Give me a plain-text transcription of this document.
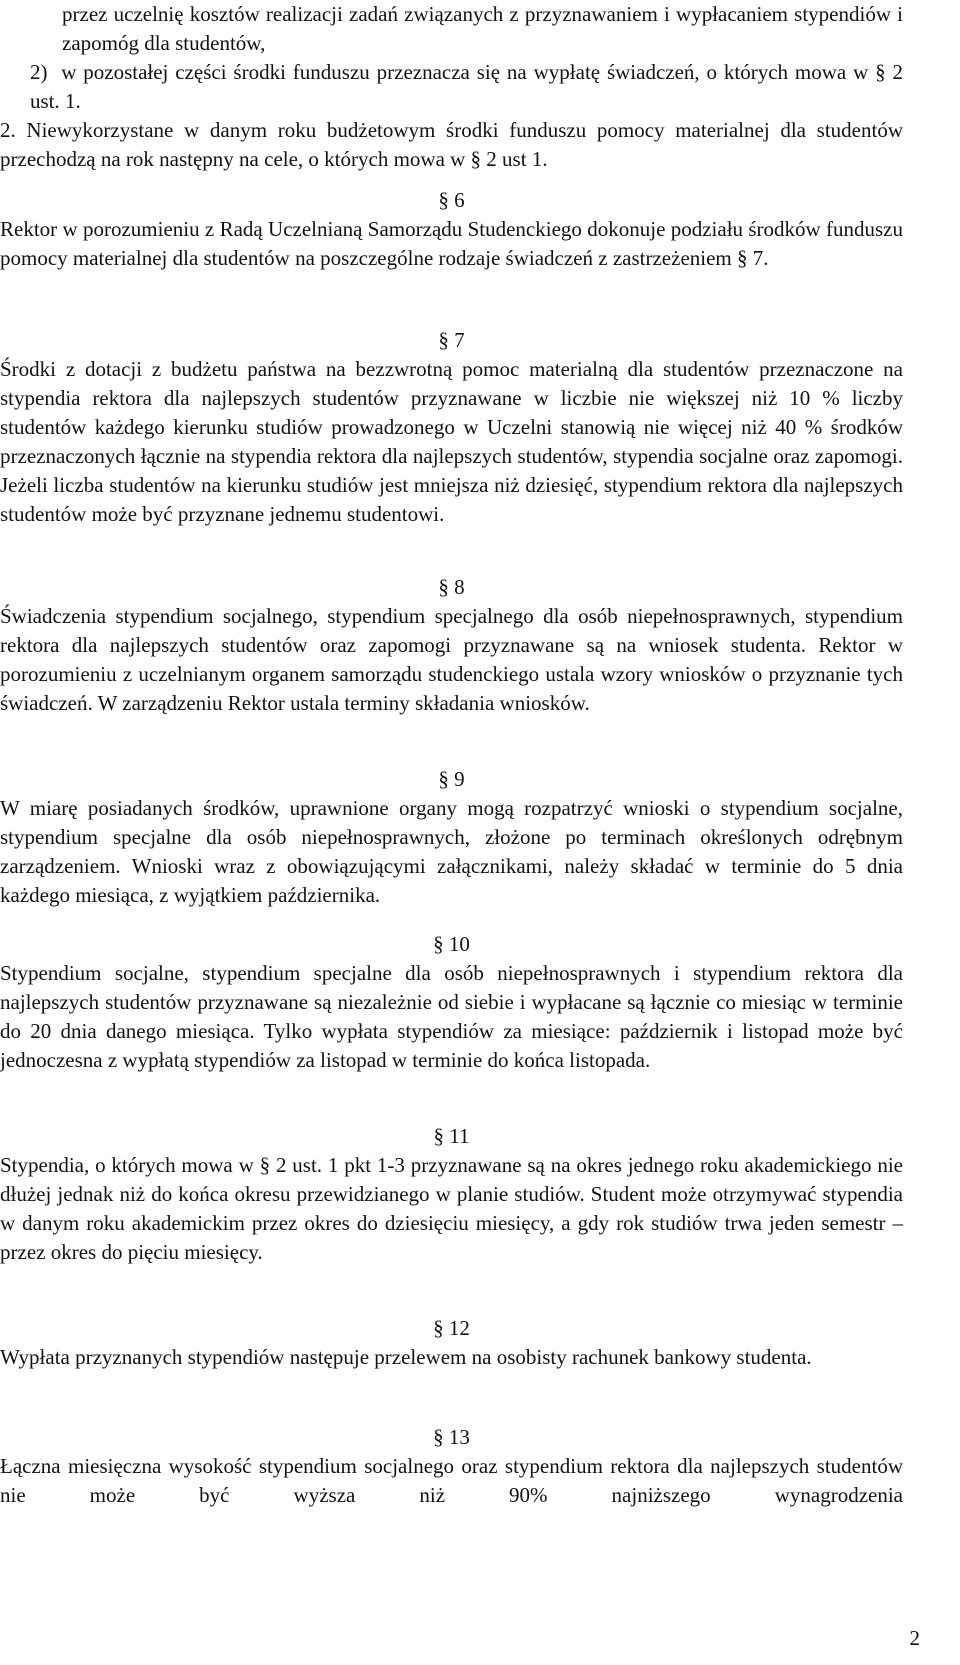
przez uczelnię kosztów realizacji zadań związanych z przyznawaniem i wypłacaniem stypendiów i zapomóg dla studentów,

2)  w pozostałej części środki funduszu przeznacza się na wypłatę świadczeń, o których mowa w § 2 ust. 1.

2. Niewykorzystane w danym roku budżetowym środki funduszu pomocy materialnej dla studentów przechodzą na rok następny na cele, o których mowa w § 2 ust 1.

§ 6

Rektor w porozumieniu z Radą Uczelnianą Samorządu Studenckiego dokonuje podziału środków funduszu pomocy materialnej dla studentów na poszczególne rodzaje świadczeń z zastrzeżeniem § 7.

§ 7

Środki z dotacji z budżetu państwa na bezzwrotną pomoc materialną dla studentów przeznaczone na stypendia rektora dla najlepszych studentów przyznawane w liczbie nie większej niż 10 % liczby studentów każdego kierunku studiów prowadzonego w Uczelni stanowią nie więcej niż 40 % środków przeznaczonych łącznie na stypendia rektora dla najlepszych studentów, stypendia socjalne oraz zapomogi. Jeżeli liczba studentów na kierunku studiów jest mniejsza niż dziesięć, stypendium rektora dla najlepszych studentów może być przyznane jednemu studentowi.

§ 8

Świadczenia stypendium socjalnego, stypendium specjalnego dla osób niepełnosprawnych, stypendium rektora dla najlepszych studentów oraz zapomogi przyznawane są na wniosek studenta. Rektor w porozumieniu z uczelnianym organem samorządu studenckiego ustala wzory wniosków o przyznanie tych świadczeń. W zarządzeniu Rektor ustala terminy składania wniosków.

§ 9

W miarę posiadanych środków, uprawnione organy mogą rozpatrzyć wnioski o stypendium socjalne, stypendium specjalne dla osób niepełnosprawnych, złożone po terminach określonych odrębnym zarządzeniem. Wnioski wraz z obowiązującymi załącznikami, należy składać w terminie do 5 dnia każdego miesiąca, z wyjątkiem października.

§ 10

Stypendium socjalne, stypendium specjalne dla osób niepełnosprawnych i stypendium rektora dla najlepszych studentów przyznawane są niezależnie od siebie i wypłacane są łącznie co miesiąc w terminie do 20 dnia danego miesiąca. Tylko wypłata stypendiów za miesiące: październik i listopad może być jednoczesna z wypłatą stypendiów za listopad w terminie do końca listopada.

§ 11

Stypendia, o których mowa w § 2 ust. 1 pkt 1-3 przyznawane są na okres jednego roku akademickiego nie dłużej jednak niż do końca okresu przewidzianego w planie studiów. Student może otrzymywać stypendia w danym roku akademickim przez okres do dziesięciu miesięcy, a gdy rok studiów trwa jeden semestr – przez okres do pięciu miesięcy.

§ 12

Wypłata przyznanych stypendiów następuje przelewem na osobisty rachunek bankowy studenta.

§ 13

Łączna miesięczna wysokość stypendium socjalnego oraz stypendium rektora dla najlepszych studentów nie może być wyższa niż 90% najniższego wynagrodzenia

2
